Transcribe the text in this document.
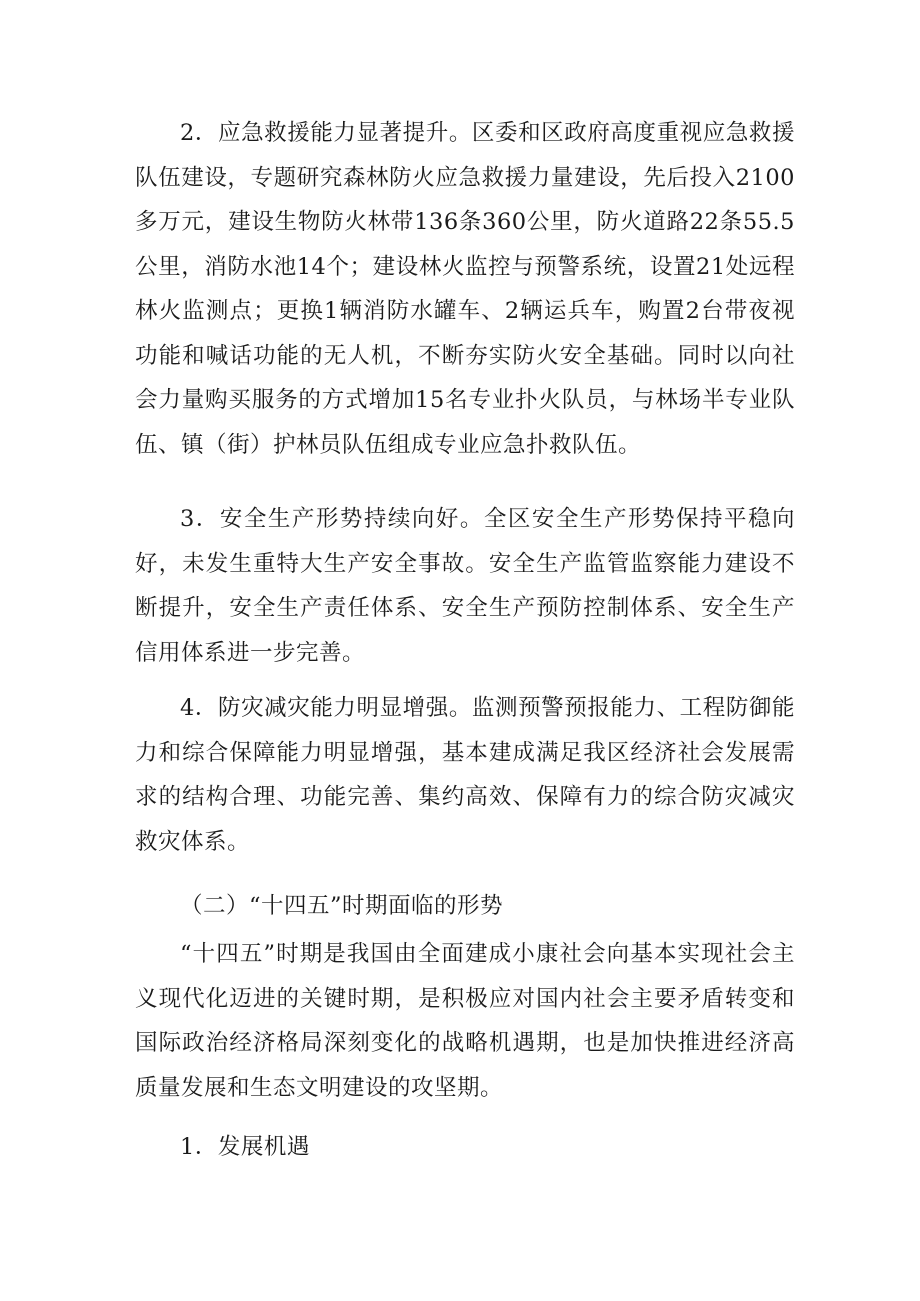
2．应急救援能力显著提升。区委和区政府高度重视应急救援队伍建设，专题研究森林防火应急救援力量建设，先后投入2100多万元，建设生物防火林带136条360公里，防火道路22条55.5公里，消防水池14个；建设林火监控与预警系统，设置21处远程林火监测点；更换1辆消防水罐车、2辆运兵车，购置2台带夜视功能和喊话功能的无人机，不断夯实防火安全基础。同时以向社会力量购买服务的方式增加15名专业扑火队员，与林场半专业队伍、镇（街）护林员队伍组成专业应急扑救队伍。

3．安全生产形势持续向好。全区安全生产形势保持平稳向好，未发生重特大生产安全事故。安全生产监管监察能力建设不断提升，安全生产责任体系、安全生产预防控制体系、安全生产信用体系进一步完善。

4．防灾减灾能力明显增强。监测预警预报能力、工程防御能力和综合保障能力明显增强，基本建成满足我区经济社会发展需求的结构合理、功能完善、集约高效、保障有力的综合防灾减灾救灾体系。

（二）“十四五”时期面临的形势

“十四五”时期是我国由全面建成小康社会向基本实现社会主义现代化迈进的关键时期，是积极应对国内社会主要矛盾转变和国际政治经济格局深刻变化的战略机遇期，也是加快推进经济高质量发展和生态文明建设的攻坚期。

1．发展机遇
